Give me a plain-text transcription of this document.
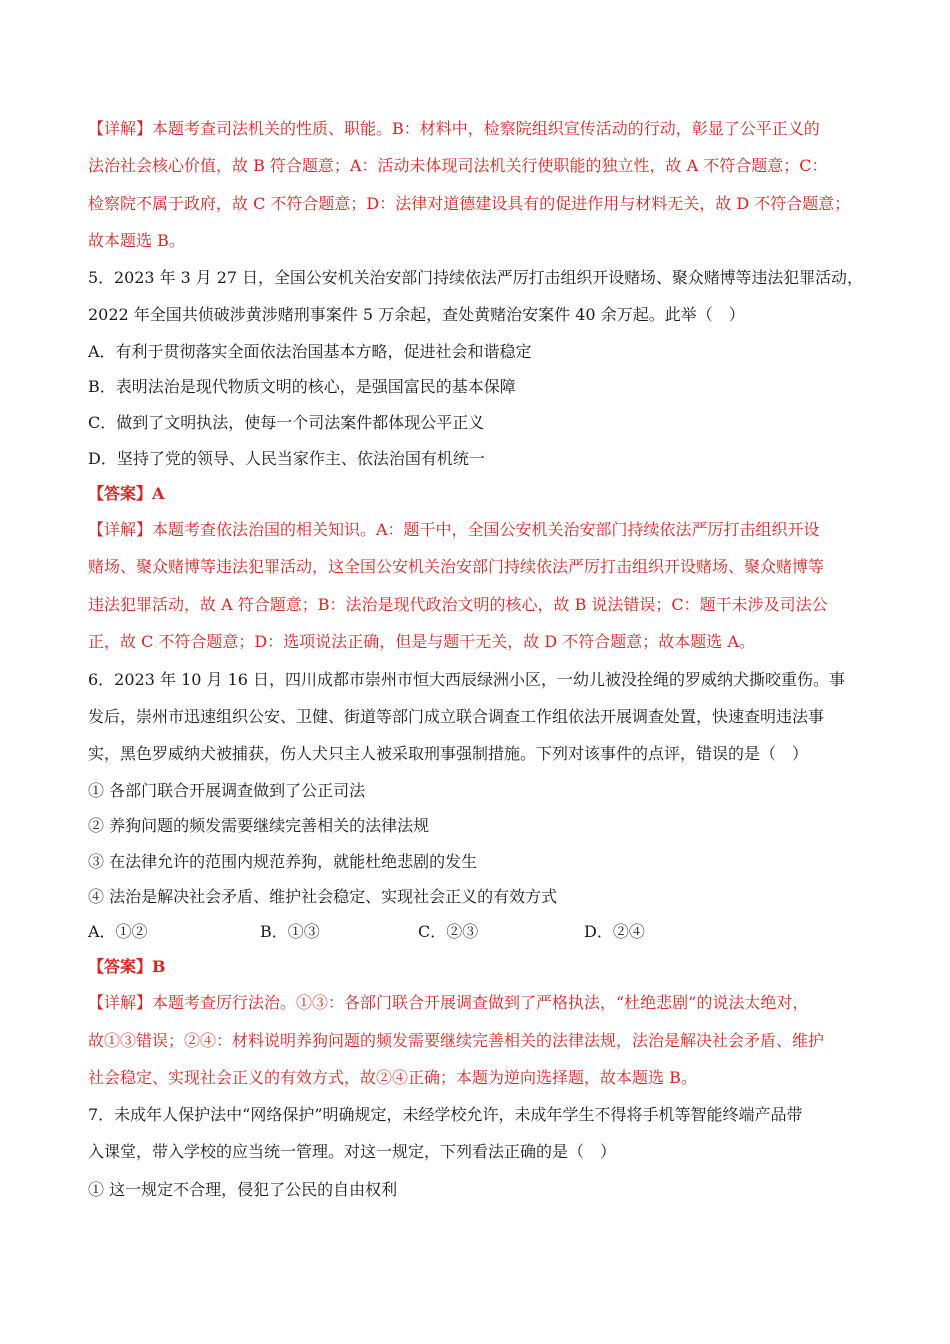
【详解】本题考查司法机关的性质、职能。B：材料中，检察院组织宣传活动的行动，彰显了公平正义的
法治社会核心价值，故 B 符合题意；A：活动未体现司法机关行使职能的独立性，故 A 不符合题意；C：
检察院不属于政府，故 C 不符合题意；D：法律对道德建设具有的促进作用与材料无关，故 D 不符合题意；
故本题选 B。
5．2023 年 3 月 27 日，全国公安机关治安部门持续依法严厉打击组织开设赌场、聚众赌博等违法犯罪活动，
2022 年全国共侦破涉黄涉赌刑事案件 5 万余起，查处黄赌治安案件 40 余万起。此举（　）
A．有利于贯彻落实全面依法治国基本方略，促进社会和谐稳定
B．表明法治是现代物质文明的核心，是强国富民的基本保障
C．做到了文明执法，使每一个司法案件都体现公平正义
D．坚持了党的领导、人民当家作主、依法治国有机统一
【答案】A
【详解】本题考查依法治国的相关知识。A：题干中，全国公安机关治安部门持续依法严厉打击组织开设
赌场、聚众赌博等违法犯罪活动，这全国公安机关治安部门持续依法严厉打击组织开设赌场、聚众赌博等
违法犯罪活动，故 A 符合题意；B：法治是现代政治文明的核心，故 B 说法错误；C：题干未涉及司法公
正，故 C 不符合题意；D：选项说法正确，但是与题干无关，故 D 不符合题意；故本题选 A。
6．2023 年 10 月 16 日，四川成都市崇州市恒大西辰绿洲小区，一幼儿被没拴绳的罗威纳犬撕咬重伤。事
发后，崇州市迅速组织公安、卫健、街道等部门成立联合调查工作组依法开展调查处置，快速查明违法事
实，黑色罗威纳犬被捕获，伤人犬只主人被采取刑事强制措施。下列对该事件的点评，错误的是（　）
① 各部门联合开展调查做到了公正司法
② 养狗问题的频发需要继续完善相关的法律法规
③ 在法律允许的范围内规范养狗，就能杜绝悲剧的发生
④ 法治是解决社会矛盾、维护社会稳定、实现社会正义的有效方式
A．①②	B．①③	C．②③	D．②④
【答案】B
【详解】本题考查厉行法治。①③：各部门联合开展调查做到了严格执法，“杜绝悲剧”的说法太绝对，
故①③错误；②④：材料说明养狗问题的频发需要继续完善相关的法律法规，法治是解决社会矛盾、维护
社会稳定、实现社会正义的有效方式，故②④正确；本题为逆向选择题，故本题选 B。
7．未成年人保护法中“网络保护”明确规定，未经学校允许，未成年学生不得将手机等智能终端产品带
入课堂，带入学校的应当统一管理。对这一规定，下列看法正确的是（　）
① 这一规定不合理，侵犯了公民的自由权利
